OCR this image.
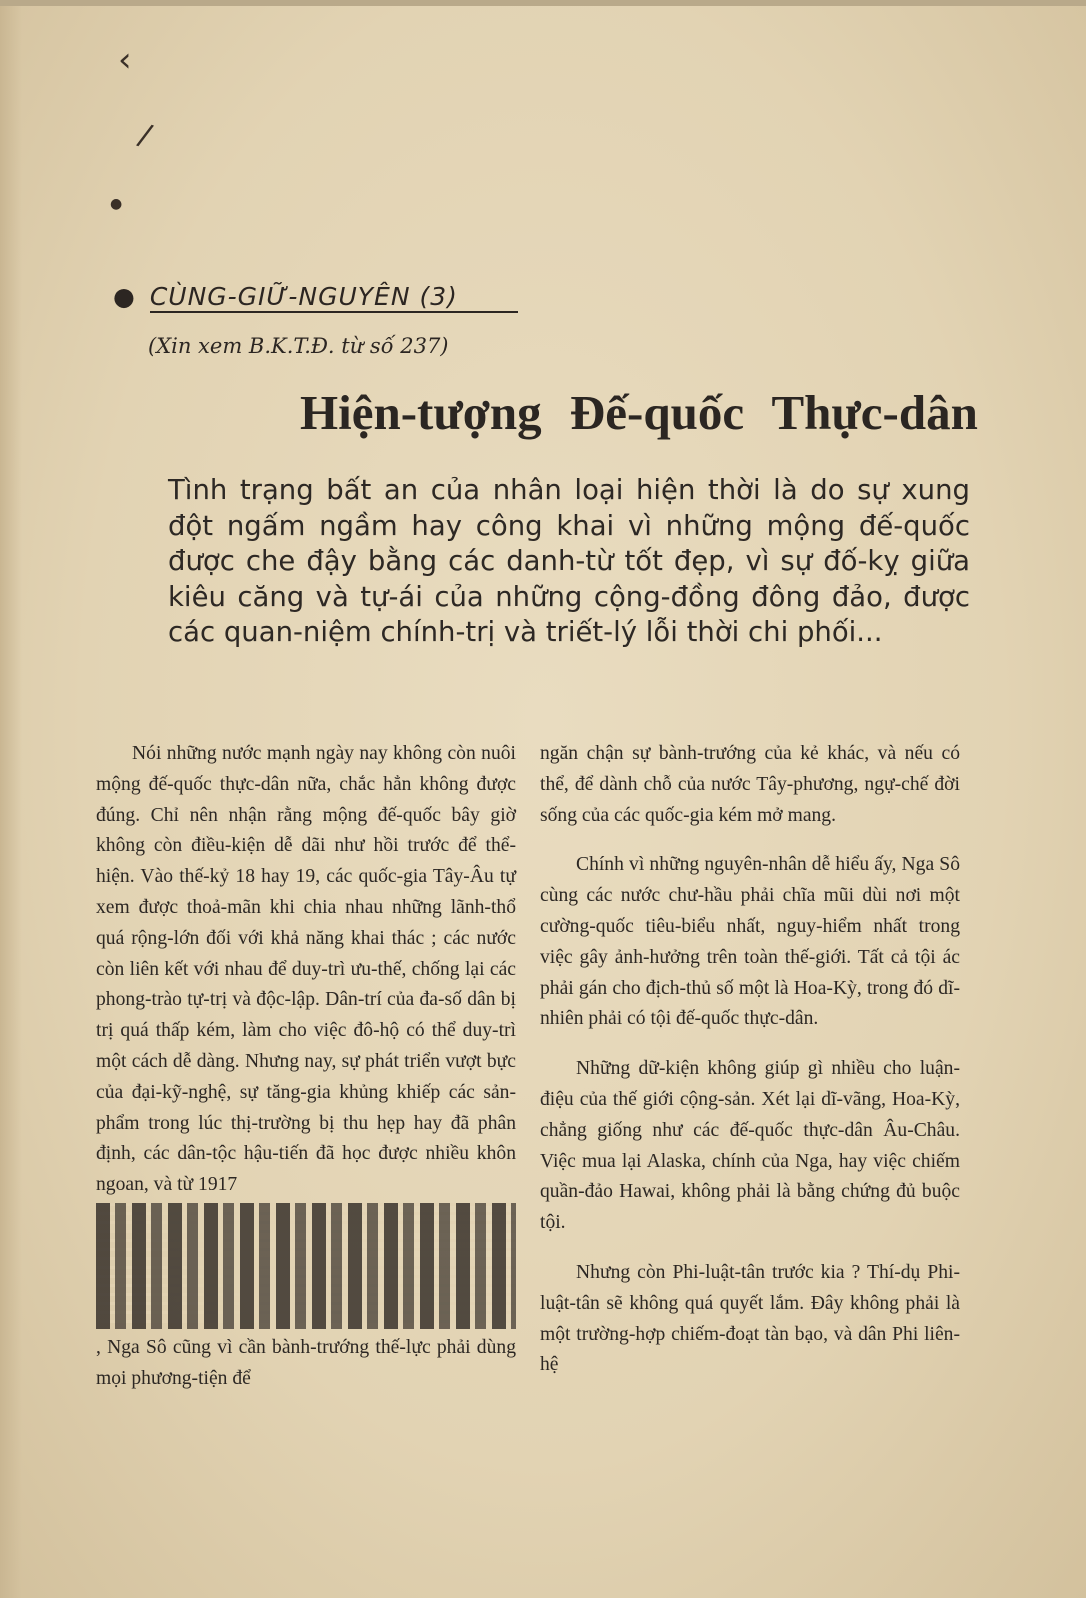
‹
/
●
● CÙNG-GIỮ-NGUYÊN (3)
(Xin xem B.K.T.Đ. từ số 237)
Hiện-tượng Đế-quốc Thực-dân
Tình trạng bất an của nhân loại hiện thời là do sự xung đột ngấm ngầm hay công khai vì những mộng đế-quốc được che đậy bằng các danh-từ tốt đẹp, vì sự đố-kỵ giữa kiêu căng và tự-ái của những cộng-đồng đông đảo, được các quan-niệm chính-trị và triết-lý lỗi thời chi phối...

Nói những nước mạnh ngày nay không còn nuôi mộng đế-quốc thực-dân nữa, chắc hẳn không được đúng. Chỉ nên nhận rằng mộng đế-quốc bây giờ không còn điều-kiện dễ dãi như hồi trước để thể-hiện. Vào thế-kỷ 18 hay 19, các quốc-gia Tây-Âu tự xem được thoả-mãn khi chia nhau những lãnh-thổ quá rộng-lớn đối với khả năng khai thác ; các nước còn liên kết với nhau để duy-trì ưu-thế, chống lại các phong-trào tự-trị và độc-lập. Dân-trí của đa-số dân bị trị quá thấp kém, làm cho việc đô-hộ có thể duy-trì một cách dễ dàng. Nhưng nay, sự phát triển vượt bực của đại-kỹ-nghệ, sự tăng-gia khủng khiếp các sản-phẩm trong lúc thị-trường bị thu hẹp hay đã phân định, các dân-tộc hậu-tiến đã học được nhiều khôn ngoan, và từ 1917

, Nga Sô cũng vì cần bành-trướng thế-lực phải dùng mọi phương-tiện để

ngăn chận sự bành-trướng của kẻ khác, và nếu có thể, để dành chỗ của nước Tây-phương, ngự-chế đời sống của các quốc-gia kém mở mang.

Chính vì những nguyên-nhân dễ hiểu ấy, Nga Sô cùng các nước chư-hầu phải chĩa mũi dùi nơi một cường-quốc tiêu-biểu nhất, nguy-hiểm nhất trong việc gây ảnh-hưởng trên toàn thế-giới. Tất cả tội ác phải gán cho địch-thủ số một là Hoa-Kỳ, trong đó dĩ-nhiên phải có tội đế-quốc thực-dân.

Những dữ-kiện không giúp gì nhiều cho luận-điệu của thế giới cộng-sản. Xét lại dĩ-vãng, Hoa-Kỳ, chẳng giống như các đế-quốc thực-dân Âu-Châu. Việc mua lại Alaska, chính của Nga, hay việc chiếm quần-đảo Hawai, không phải là bằng chứng đủ buộc tội.

Nhưng còn Phi-luật-tân trước kia ? Thí-dụ Phi-luật-tân sẽ không quá quyết lắm. Đây không phải là một trường-hợp chiếm-đoạt tàn bạo, và dân Phi liên-hệ
